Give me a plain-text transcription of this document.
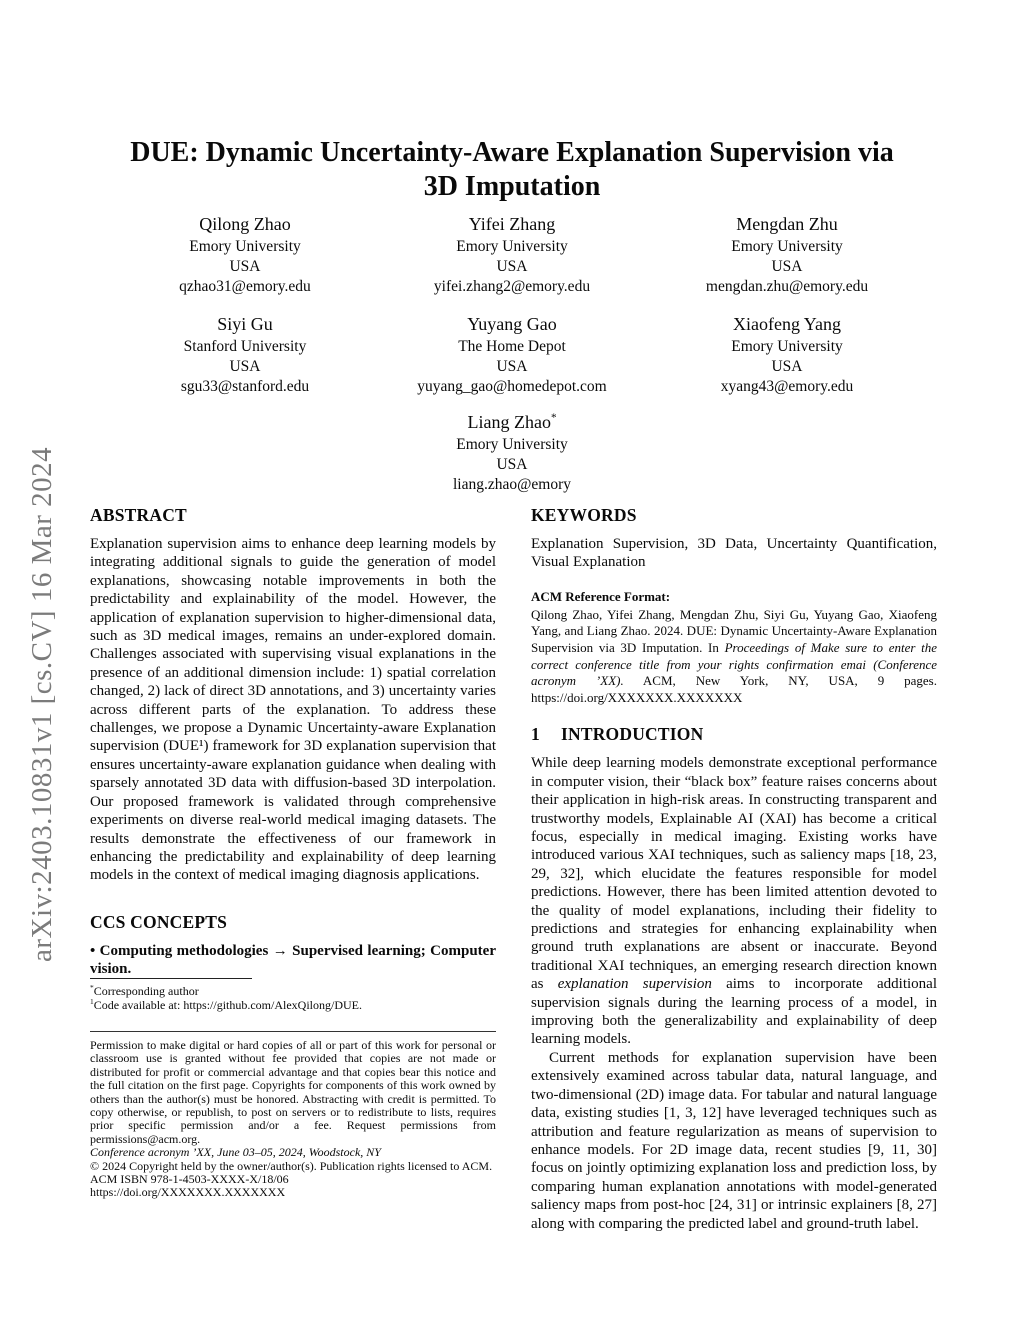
arXiv:2403.10831v1 [cs.CV] 16 Mar 2024
DUE: Dynamic Uncertainty-Aware Explanation Supervision via
3D Imputation
Qilong Zhao
Emory University
USA
qzhao31@emory.edu
Yifei Zhang
Emory University
USA
yifei.zhang2@emory.edu
Mengdan Zhu
Emory University
USA
mengdan.zhu@emory.edu
Siyi Gu
Stanford University
USA
sgu33@stanford.edu
Yuyang Gao
The Home Depot
USA
yuyang_gao@homedepot.com
Xiaofeng Yang
Emory University
USA
xyang43@emory.edu
Liang Zhao*
Emory University
USA
liang.zhao@emory
ABSTRACT

Explanation supervision aims to enhance deep learning models by integrating additional signals to guide the generation of model explanations, showcasing notable improvements in both the predictability and explainability of the model. However, the application of explanation supervision to higher-dimensional data, such as 3D medical images, remains an under-explored domain. Challenges associated with supervising visual explanations in the presence of an additional dimension include: 1) spatial correlation changed, 2) lack of direct 3D annotations, and 3) uncertainty varies across different parts of the explanation. To address these challenges, we propose a Dynamic Uncertainty-aware Explanation supervision (DUE¹) framework for 3D explanation supervision that ensures uncertainty-aware explanation guidance when dealing with sparsely annotated 3D data with diffusion-based 3D interpolation. Our proposed framework is validated through comprehensive experiments on diverse real-world medical imaging datasets. The results demonstrate the effectiveness of our framework in enhancing the predictability and explainability of deep learning models in the context of medical imaging diagnosis applications.

CCS CONCEPTS

• Computing methodologies → Supervised learning; Computer vision.

KEYWORDS

Explanation Supervision, 3D Data, Uncertainty Quantification, Visual Explanation

ACM Reference Format:

Qilong Zhao, Yifei Zhang, Mengdan Zhu, Siyi Gu, Yuyang Gao, Xiaofeng Yang, and Liang Zhao. 2024. DUE: Dynamic Uncertainty-Aware Explanation Supervision via 3D Imputation. In Proceedings of Make sure to enter the correct conference title from your rights confirmation emai (Conference acronym ’XX). ACM, New York, NY, USA, 9 pages. https://doi.org/XXXXXXX.XXXXXXX

1 INTRODUCTION

While deep learning models demonstrate exceptional performance in computer vision, their “black box” feature raises concerns about their application in high-risk areas. In constructing transparent and trustworthy models, Explainable AI (XAI) has become a critical focus, especially in medical imaging. Existing works have introduced various XAI techniques, such as saliency maps [18, 23, 29, 32], which elucidate the features responsible for model predictions. However, there has been limited attention devoted to the quality of model explanations, including their fidelity to predictions and strategies for enhancing explainability when ground truth explanations are absent or inaccurate. Beyond traditional XAI techniques, an emerging research direction known as explanation supervision aims to incorporate additional supervision signals during the learning process of a model, in improving both the generalizability and explainability of deep learning models.

Current methods for explanation supervision have been extensively examined across tabular data, natural language, and two-dimensional (2D) image data. For tabular and natural language data, existing studies [1, 3, 12] have leveraged techniques such as attribution and feature regularization as means of supervision to enhance models. For 2D image data, recent studies [9, 11, 30] focus on jointly optimizing explanation loss and prediction loss, by comparing human explanation annotations with model-generated saliency maps from post-hoc [24, 31] or intrinsic explainers [8, 27] along with comparing the predicted label and ground-truth label.

*Corresponding author
$^1$Code available at: https://github.com/AlexQilong/DUE.
Permission to make digital or hard copies of all or part of this work for personal or classroom use is granted without fee provided that copies are not made or distributed for profit or commercial advantage and that copies bear this notice and the full citation on the first page. Copyrights for components of this work owned by others than the author(s) must be honored. Abstracting with credit is permitted. To copy otherwise, or republish, to post on servers or to redistribute to lists, requires prior specific permission and/or a fee. Request permissions from permissions@acm.org.
Conference acronym ’XX, June 03–05, 2024, Woodstock, NY
© 2024 Copyright held by the owner/author(s). Publication rights licensed to ACM.
ACM ISBN 978-1-4503-XXXX-X/18/06
https://doi.org/XXXXXXX.XXXXXXX
